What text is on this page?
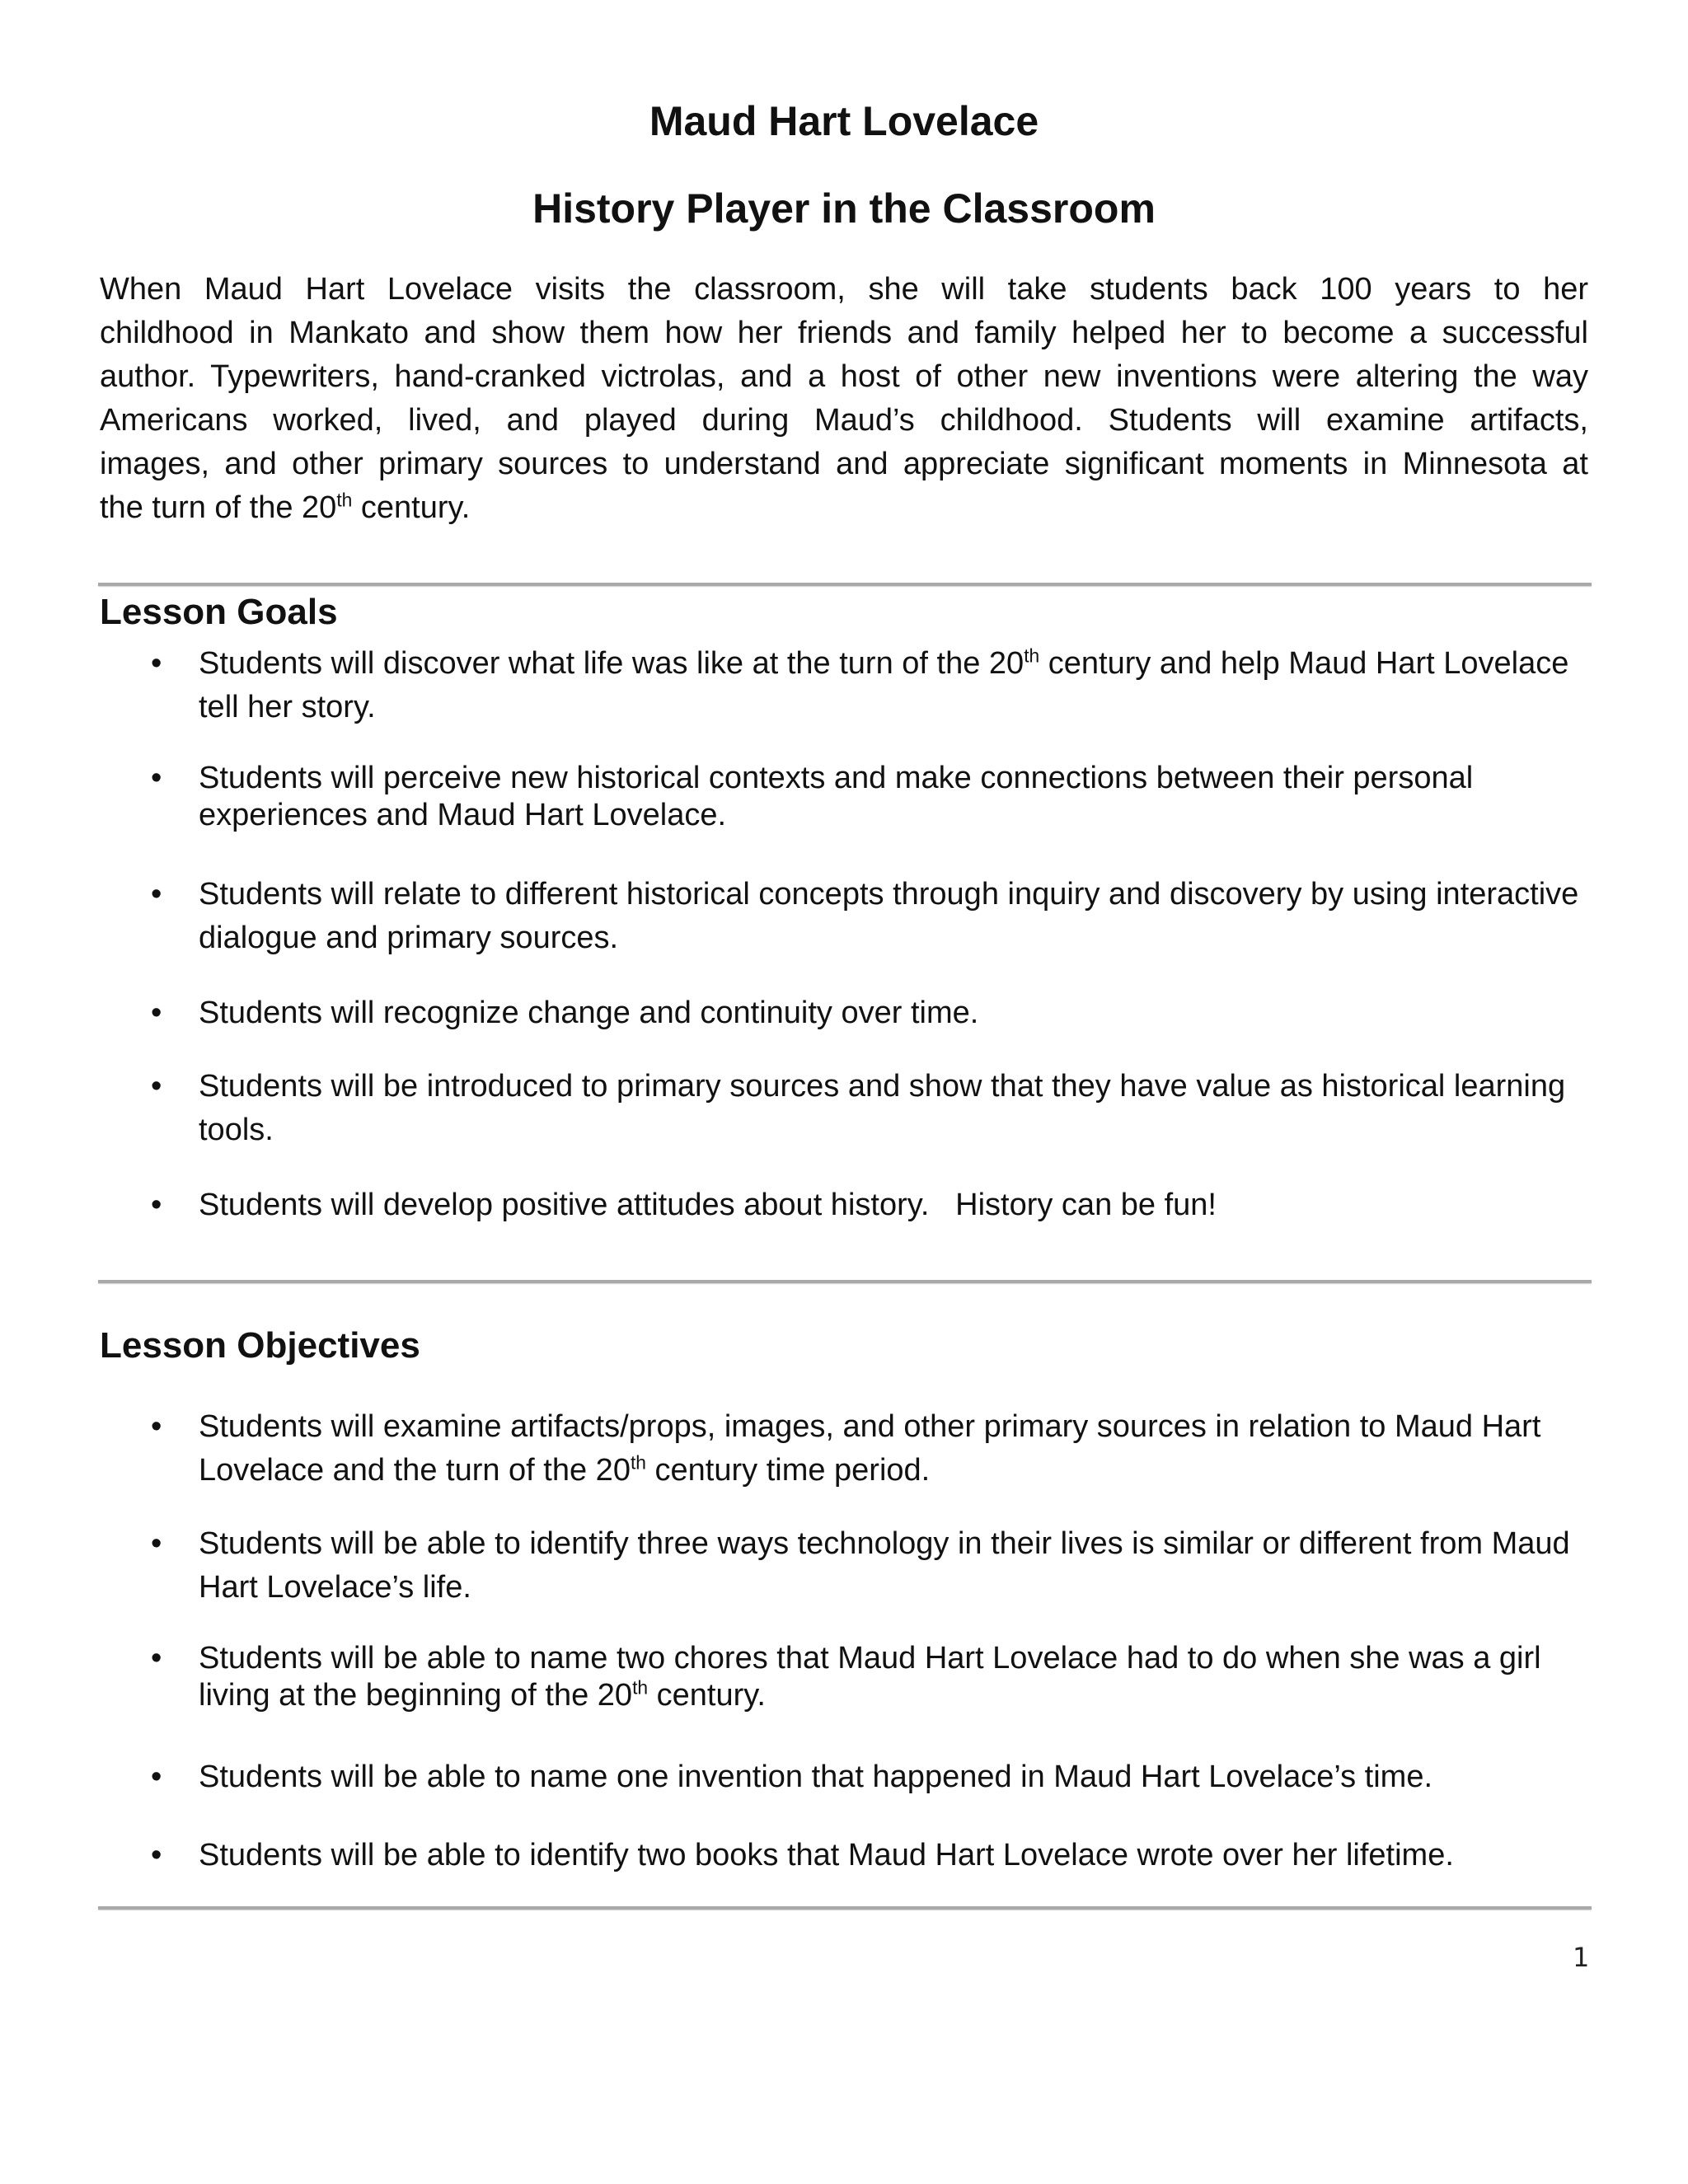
Maud Hart Lovelace
History Player in the Classroom

When Maud Hart Lovelace visits the classroom, she will take students back 100 years to her
childhood in Mankato and show them how her friends and family helped her to become a successful
author. Typewriters, hand-cranked victrolas, and a host of other new inventions were altering the way
Americans worked, lived, and played during Maud’s childhood. Students will examine artifacts,
images, and other primary sources to understand and appreciate significant moments in Minnesota at
the turn of the 20th century.

Lesson Goals
• Students will discover what life was like at the turn of the 20th century and help Maud Hart Lovelace tell her story.
• Students will perceive new historical contexts and make connections between their personal experiences and Maud Hart Lovelace.
• Students will relate to different historical concepts through inquiry and discovery by using interactive dialogue and primary sources.
• Students will recognize change and continuity over time.
• Students will be introduced to primary sources and show that they have value as historical learning tools.
• Students will develop positive attitudes about history.   History can be fun!
Lesson Objectives
• Students will examine artifacts/props, images, and other primary sources in relation to Maud Hart Lovelace and the turn of the 20th century time period.
• Students will be able to identify three ways technology in their lives is similar or different from Maud Hart Lovelace’s life.
• Students will be able to name two chores that Maud Hart Lovelace had to do when she was a girl living at the beginning of the 20th century.
• Students will be able to name one invention that happened in Maud Hart Lovelace’s time.
• Students will be able to identify two books that Maud Hart Lovelace wrote over her lifetime.
1
